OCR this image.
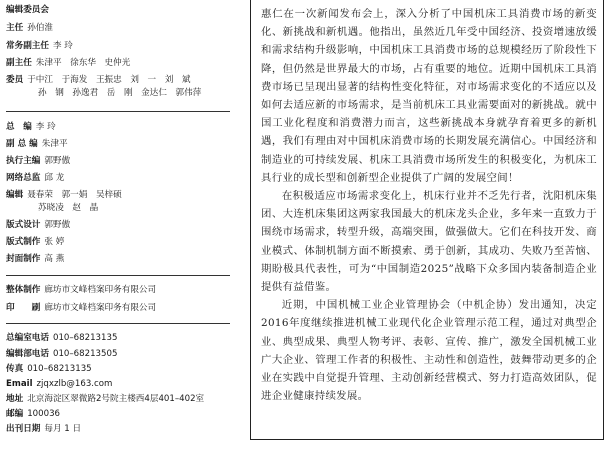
编辑委员会
主任 孙伯淮
常务副主任 李 玲
副主任 朱津平　徐东华　史仲光
委员 于中江　于海发　王振忠　刘　一　刘　斌
孙　钢　孙逸君　岳　刚　金达仁　郭伟萍
总　编 李 玲
副 总 编 朱津平
执行主编 郭野傲
网络总监 邱 龙
编辑 聂春荣　郭一娟　吴梓硕
苏晓凌　赵　晶
版式设计 郭野傲
版式制作 张 婷
封面制作 高 燕
整体制作 廊坊市文峰档案印务有限公司
印　　刷 廊坊市文峰档案印务有限公司
总编室电话 010–68213135
编辑部电话 010–68213505
传真 010–68213135
Email zjqxzlb@163.com
地址 北京海淀区翠微路2号院主楼西4层401–402室
邮编 100036
出刊日期 每月 1 日

惠仁在一次新闻发布会上，深入分析了中国机床工具消费市场的新变化、新挑战和新机遇。他指出，虽然近几年受中国经济、投资增速放缓和需求结构升级影响，中国机床工具消费市场的总规模经历了阶段性下降，但仍然是世界最大的市场，占有重要的地位。近期中国机床工具消费市场已呈现出显著的结构性变化特征，对市场需求变化的不适应以及如何去适应新的市场需求，是当前机床工具业需要面对的新挑战。就中国工业化程度和消费潜力而言，这些新挑战本身就孕育着更多的新机遇，我们有理由对中国机床消费市场的长期发展充满信心。中国经济和制造业的可持续发展、机床工具消费市场所发生的积极变化，为机床工具行业的成长型和创新型企业提供了广阔的发展空间！

在积极适应市场需求变化上，机床行业并不乏先行者，沈阳机床集团、大连机床集团这两家我国最大的机床龙头企业，多年来一直致力于围绕市场需求，转型升级，高端突围，做强做大。它们在科技开发、商业模式、体制机制方面不断摸索、勇于创新，其成功、失败乃至苦恼、期盼极具代表性，可为“中国制造2025”战略下众多国内装备制造企业提供有益借鉴。

近期，中国机械工业企业管理协会（中机企协）发出通知，决定2016年度继续推进机械工业现代化企业管理示范工程，通过对典型企业、典型成果、典型人物考评、表彰、宣传、推广，激发全国机械工业广大企业、管理工作者的积极性、主动性和创造性，鼓舞带动更多的企业在实践中自觉提升管理、主动创新经营模式、努力打造高效团队，促进企业健康持续发展。
